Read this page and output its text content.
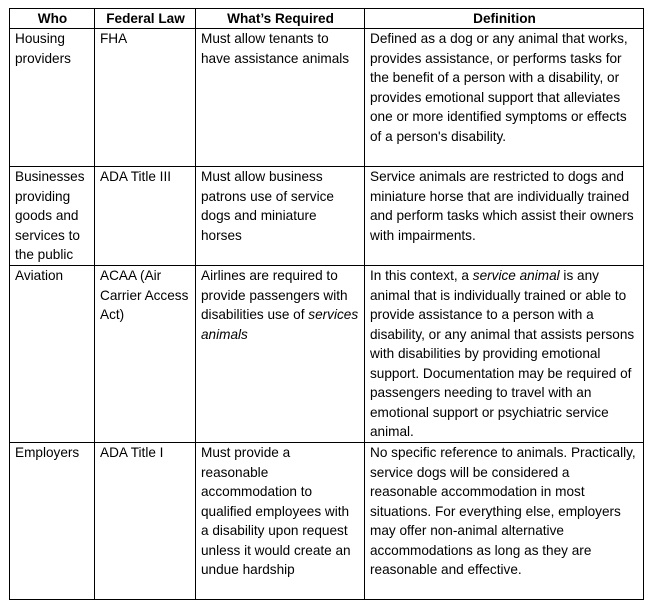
Who	Federal Law	What’s Required	Definition
Housing providers	FHA	Must allow tenants to have assistance animals	Defined as a dog or any animal that works, provides assistance, or performs tasks for the benefit of a person with a disability, or provides emotional support that alleviates one or more identified symptoms or effects of a person's disability.
Businesses providing goods and services to the public	ADA Title III	Must allow business patrons use of service dogs and miniature horses	Service animals are restricted to dogs and miniature horse that are individually trained and perform tasks which assist their owners with impairments.
Aviation	ACAA (Air Carrier Access Act)	Airlines are required to provide passengers with disabilities use of services animals	In this context, a service animal is any animal that is individually trained or able to provide assistance to a person with a disability, or any animal that assists persons with disabilities by providing emotional support. Documentation may be required of passengers needing to travel with an emotional support or psychiatric service animal.
Employers	ADA Title I	Must provide a reasonable accommodation to qualified employees with a disability upon request unless it would create an undue hardship	No specific reference to animals. Practically, service dogs will be considered a reasonable accommodation in most situations. For everything else, employers may offer non-animal alternative accommodations as long as they are reasonable and effective.
